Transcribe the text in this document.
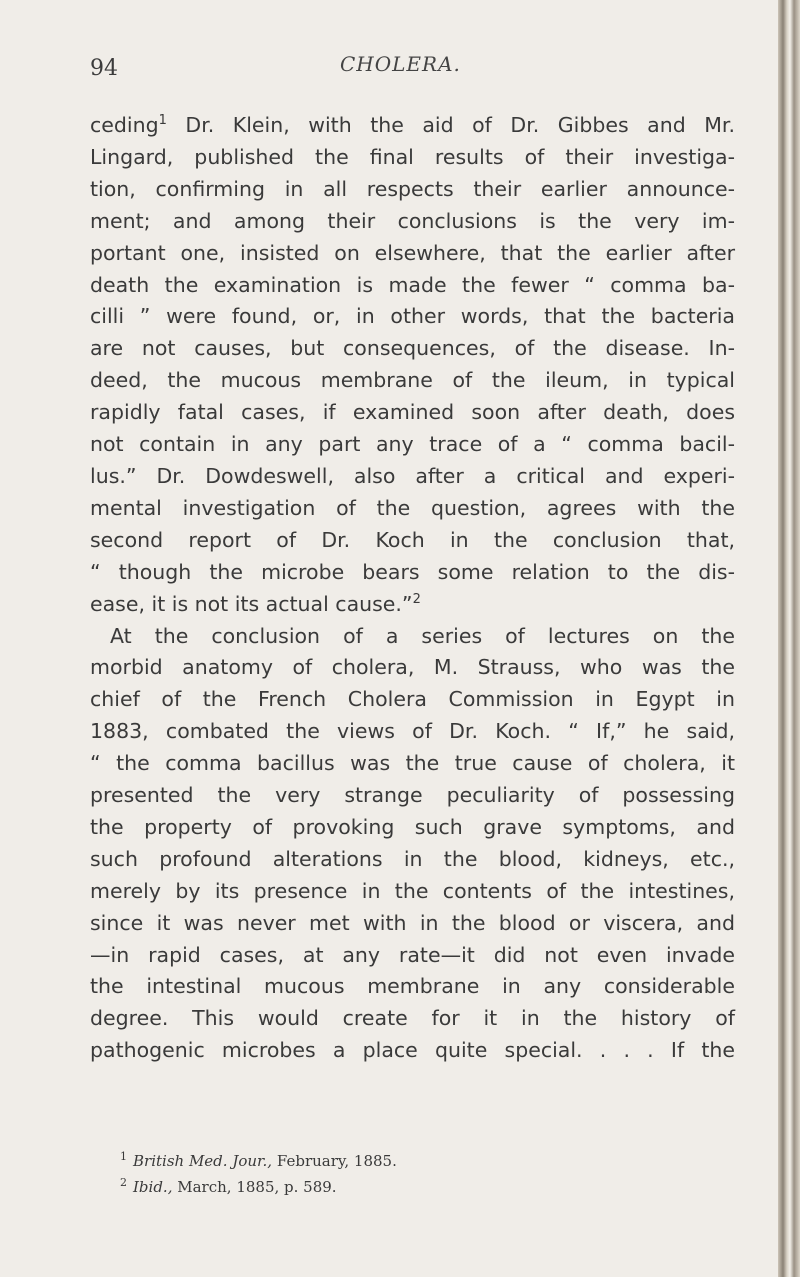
94	CHOLERA.
ceding$^1$ Dr. Klein, with the aid of Dr. Gibbes and Mr.
Lingard, published the final results of their investiga-
tion, confirming in all respects their earlier announce-
ment; and among their conclusions is the very im-
portant one, insisted on elsewhere, that the earlier after
death the examination is made the fewer “ comma ba-
cilli ” were found, or, in other words, that the bacteria
are not causes, but consequences, of the disease. In-
deed, the mucous membrane of the ileum, in typical
rapidly fatal cases, if examined soon after death, does
not contain in any part any trace of a “ comma bacil-
lus.” Dr. Dowdeswell, also after a critical and experi-
mental investigation of the question, agrees with the
second report of Dr. Koch in the conclusion that,
“ though the microbe bears some relation to the dis-
ease, it is not its actual cause.”$^2$
At the conclusion of a series of lectures on the
morbid anatomy of cholera, M. Strauss, who was the
chief of the French Cholera Commission in Egypt in
1883, combated the views of Dr. Koch. “ If,” he said,
“ the comma bacillus was the true cause of cholera, it
presented the very strange peculiarity of possessing
the property of provoking such grave symptoms, and
such profound alterations in the blood, kidneys, etc.,
merely by its presence in the contents of the intestines,
since it was never met with in the blood or viscera, and
—in rapid cases, at any rate—it did not even invade
the intestinal mucous membrane in any considerable
degree. This would create for it in the history of
pathogenic microbes a place quite special. . . . If the
$^1$ British Med. Jour., February, 1885.
$^2$ Ibid., March, 1885, p. 589.
